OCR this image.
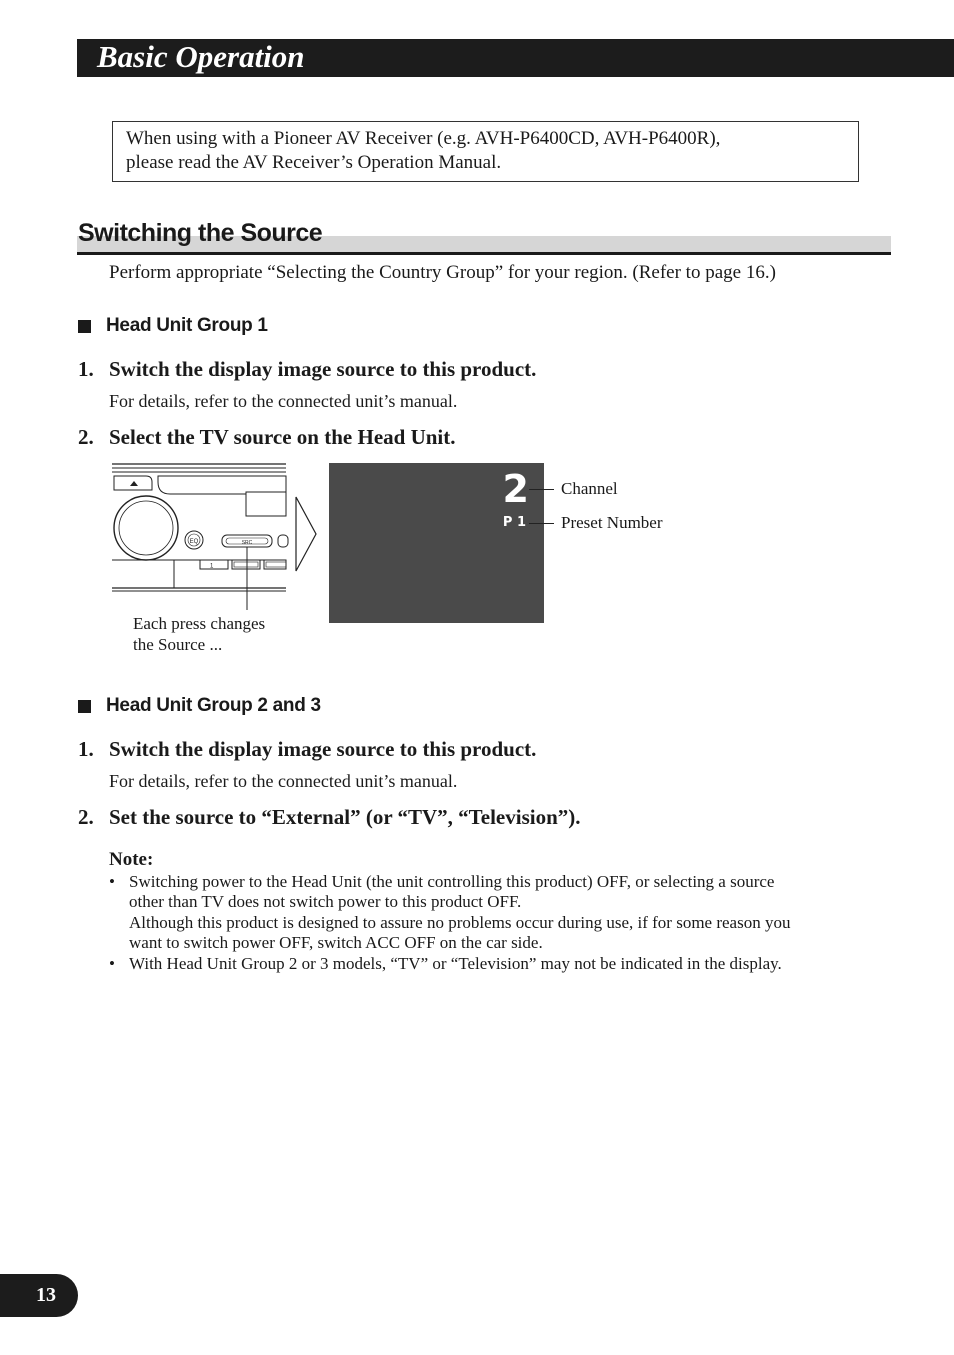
Basic Operation
When using with a Pioneer AV Receiver (e.g. AVH-P6400CD, AVH-P6400R),
please read the AV Receiver’s Operation Manual.
Switching the Source
Perform appropriate “Selecting the Country Group” for your region. (Refer to page 16.)
Head Unit Group 1
1. Switch the display image source to this product.
For details, refer to the connected unit’s manual.
2. Select the TV source on the Head Unit.
EQ	SRC
1
Each press changes
the Source ...
2
P 1
Channel
Preset Number
Head Unit Group 2 and 3
1. Switch the display image source to this product.
For details, refer to the connected unit’s manual.
2. Set the source to “External” (or “TV”, “Television”).
Note:
• Switching power to the Head Unit (the unit controlling this product) OFF, or selecting a source
other than TV does not switch power to this product OFF.
Although this product is designed to assure no problems occur during use, if for some reason you
want to switch power OFF, switch ACC OFF on the car side.
• With Head Unit Group 2 or 3 models, “TV” or “Television” may not be indicated in the display.
13
